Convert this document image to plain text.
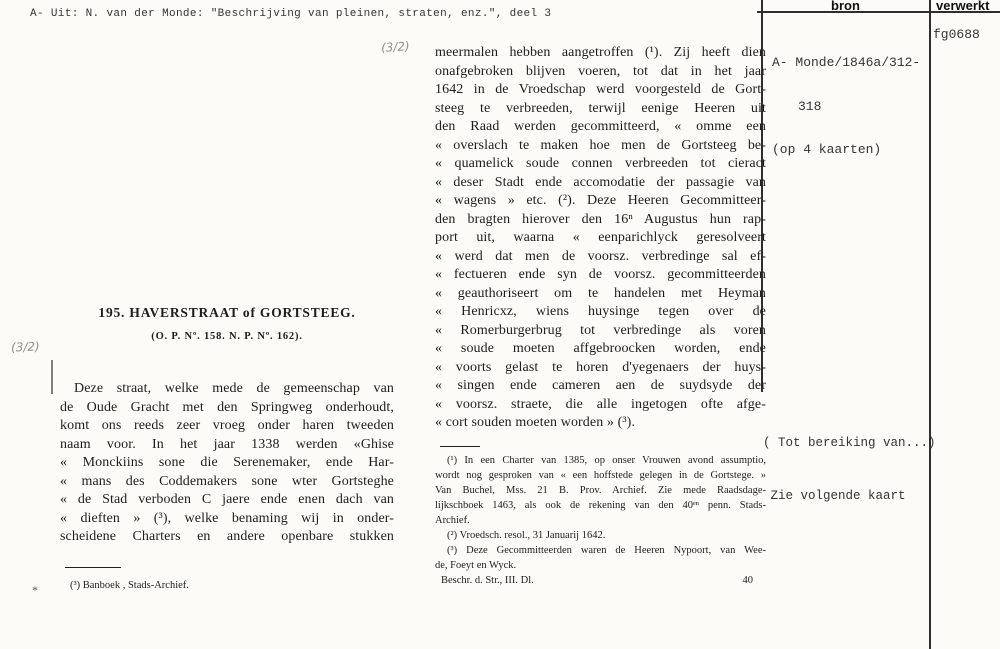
A- Uit: N. van der Monde: "Beschrijving van pleinen, straten, enz.", deel 3
(3/2)
(3/2)
bron	verwerkt

A- Monde/1846a/312-

318

(op 4 kaarten)

fg0688

( Tot bereiking van...)

Zie volgende kaart

195. HAVERSTRAAT of GORTSTEEG.
(O. P. Nº. 158. N. P. Nº. 162).
Deze straat, welke mede de gemeenschap van
de Oude Gracht met den Springweg onderhoudt,
komt ons reeds zeer vroeg onder haren tweeden
naam voor. In het jaar 1338 werden «Ghise
« Monckiins sone die Serenemaker, ende Har-
« mans des Coddemakers sone wter Gortsteghe
« de Stad verboden C jaere ende enen dach van
« dieften » (³), welke benaming wij in onder-
scheidene Charters en andere openbare stukken
(³) Banboek , Stads-Archief.
meermalen hebben aangetroffen (¹). Zij heeft dien
onafgebroken blijven voeren, tot dat in het jaar
1642 in de Vroedschap werd voorgesteld de Gort-
steeg te verbreeden, terwijl eenige Heeren uit
den Raad werden gecommitteerd, « omme een
« overslach te maken hoe men de Gortsteeg be-
« quamelick soude connen verbreeden tot cieract
« deser Stadt ende accomodatie der passagie van
« wagens » etc. (²). Deze Heeren Gecommitteer-
den bragten hierover den 16ⁿ Augustus hun rap-
port uit, waarna « eenparichlyck geresolveert
« werd dat men de voorsz. verbredinge sal ef-
« fectueren ende syn de voorsz. gecommitteerden
« geauthoriseert om te handelen met Heyman
« Henricxz, wiens huysinge tegen over de
« Romerburgerbrug tot verbredinge als voren
« soude moeten affgebroocken worden, ende
« voorts gelast te horen d'yegenaers der huys-
« singen ende cameren aen de suydsyde der
« voorsz. straete, die alle ingetogen ofte afge-
« cort souden moeten worden » (³).
(¹) In een Charter van 1385, op onser Vrouwen avond assumptio,
wordt nog gesproken van « een hoffstede gelegen in de Gortstege. »
Van Buchel, Mss. 21 B. Prov. Archief. Zie mede Raadsdage-
lijkschboek 1463, als ook de rekening van den 40ᵉⁿ penn. Stads-
Archief.
(²) Vroedsch. resol., 31 Januarij 1642.
(³) Deze Gecommitteerden waren de Heeren Nypoort, van Wee-
de, Foeyt en Wyck.
Beschr. d. Str., III. Dl.	40
*
